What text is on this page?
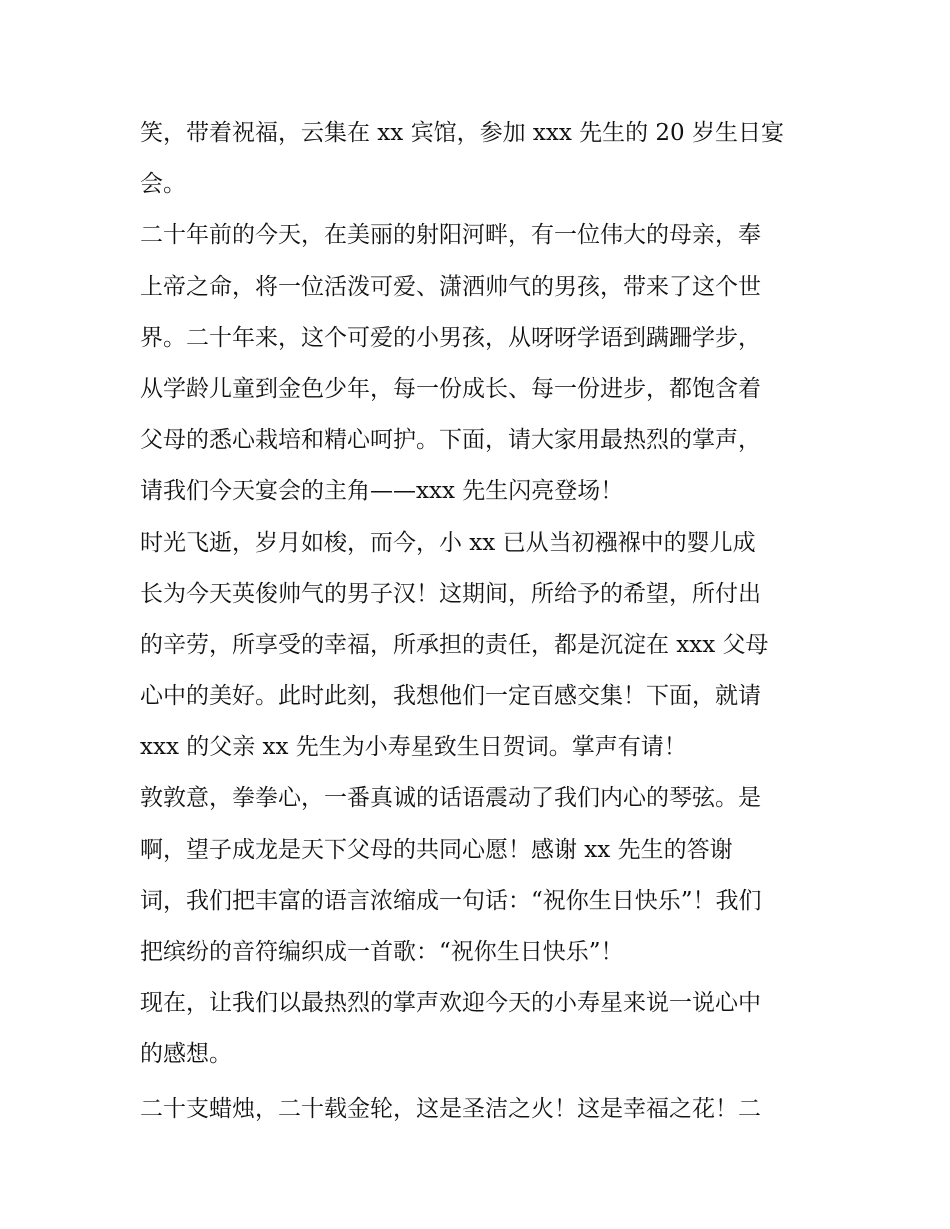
笑，带着祝福，云集在 xx 宾馆，参加 xxx 先生的 20 岁生日宴
会。
二十年前的今天，在美丽的射阳河畔，有一位伟大的母亲，奉
上帝之命，将一位活泼可爱、潇洒帅气的男孩，带来了这个世
界。二十年来，这个可爱的小男孩，从呀呀学语到蹒跚学步，
从学龄儿童到金色少年，每一份成长、每一份进步，都饱含着
父母的悉心栽培和精心呵护。下面，请大家用最热烈的掌声，
请我们今天宴会的主角——xxx 先生闪亮登场！
时光飞逝，岁月如梭，而今，小 xx 已从当初襁褓中的婴儿成
长为今天英俊帅气的男子汉！这期间，所给予的希望，所付出
的辛劳，所享受的幸福，所承担的责任，都是沉淀在 xxx 父母
心中的美好。此时此刻，我想他们一定百感交集！下面，就请
xxx 的父亲 xx 先生为小寿星致生日贺词。掌声有请！
敦敦意，拳拳心，一番真诚的话语震动了我们内心的琴弦。是
啊，望子成龙是天下父母的共同心愿！感谢 xx 先生的答谢
词，我们把丰富的语言浓缩成一句话：“祝你生日快乐”！我们
把缤纷的音符编织成一首歌：“祝你生日快乐”！
现在，让我们以最热烈的掌声欢迎今天的小寿星来说一说心中
的感想。
二十支蜡烛，二十载金轮，这是圣洁之火！这是幸福之花！二
